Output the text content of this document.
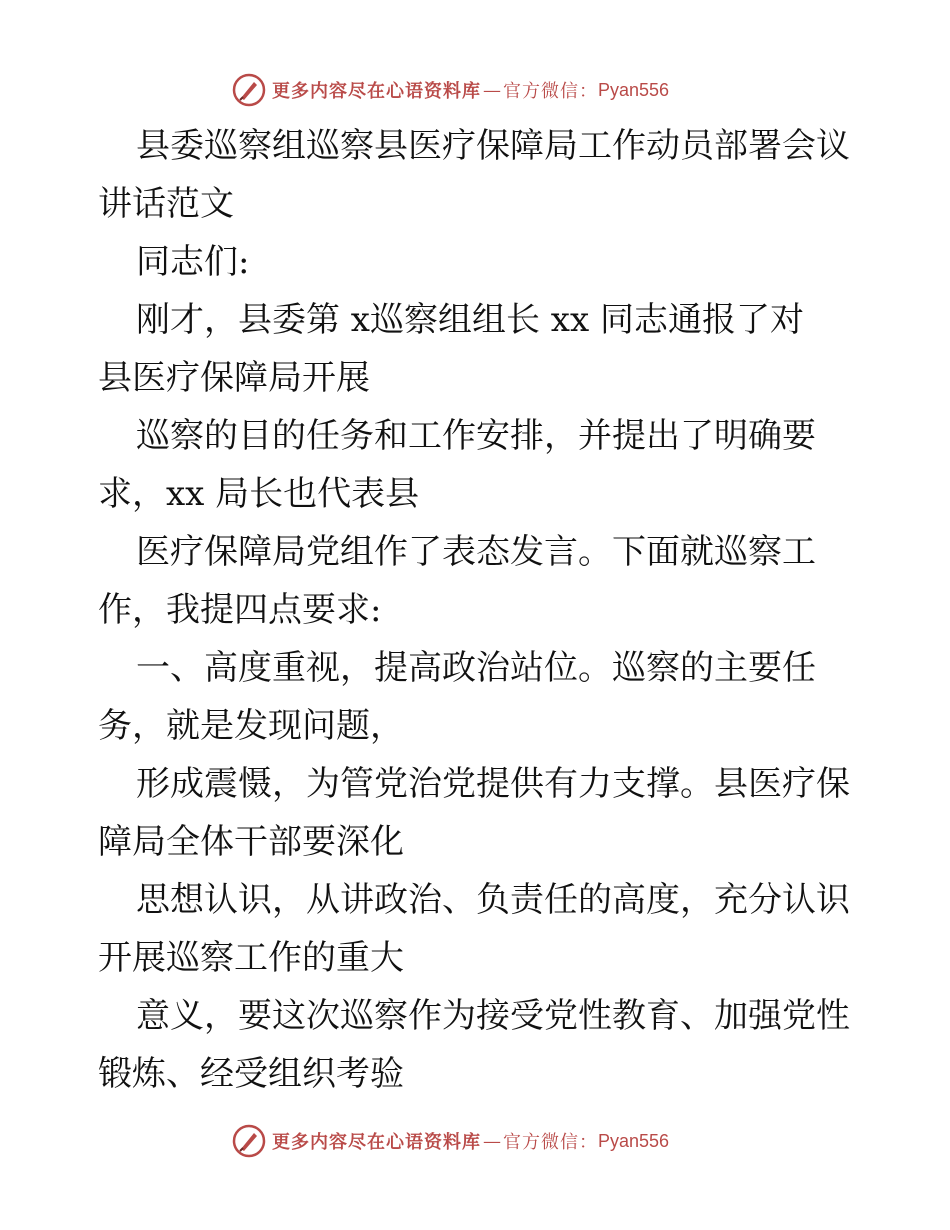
更多内容尽在心语资料库 — 官方微信： Pyan556
县委巡察组巡察县医疗保障局工作动员部署会议
讲话范文
同志们:
刚才，县委第 x巡察组组长 xx 同志通报了对
县医疗保障局开展
巡察的目的任务和工作安排，并提出了明确要
求，xx 局长也代表县
医疗保障局党组作了表态发言。下面就巡察工
作，我提四点要求:
一、高度重视，提高政治站位。巡察的主要任
务，就是发现问题，
形成震慑，为管党治党提供有力支撑。县医疗保
障局全体干部要深化
思想认识，从讲政治、负责任的高度，充分认识
开展巡察工作的重大
意义，要这次巡察作为接受党性教育、加强党性
锻炼、经受组织考验
更多内容尽在心语资料库 — 官方微信： Pyan556
